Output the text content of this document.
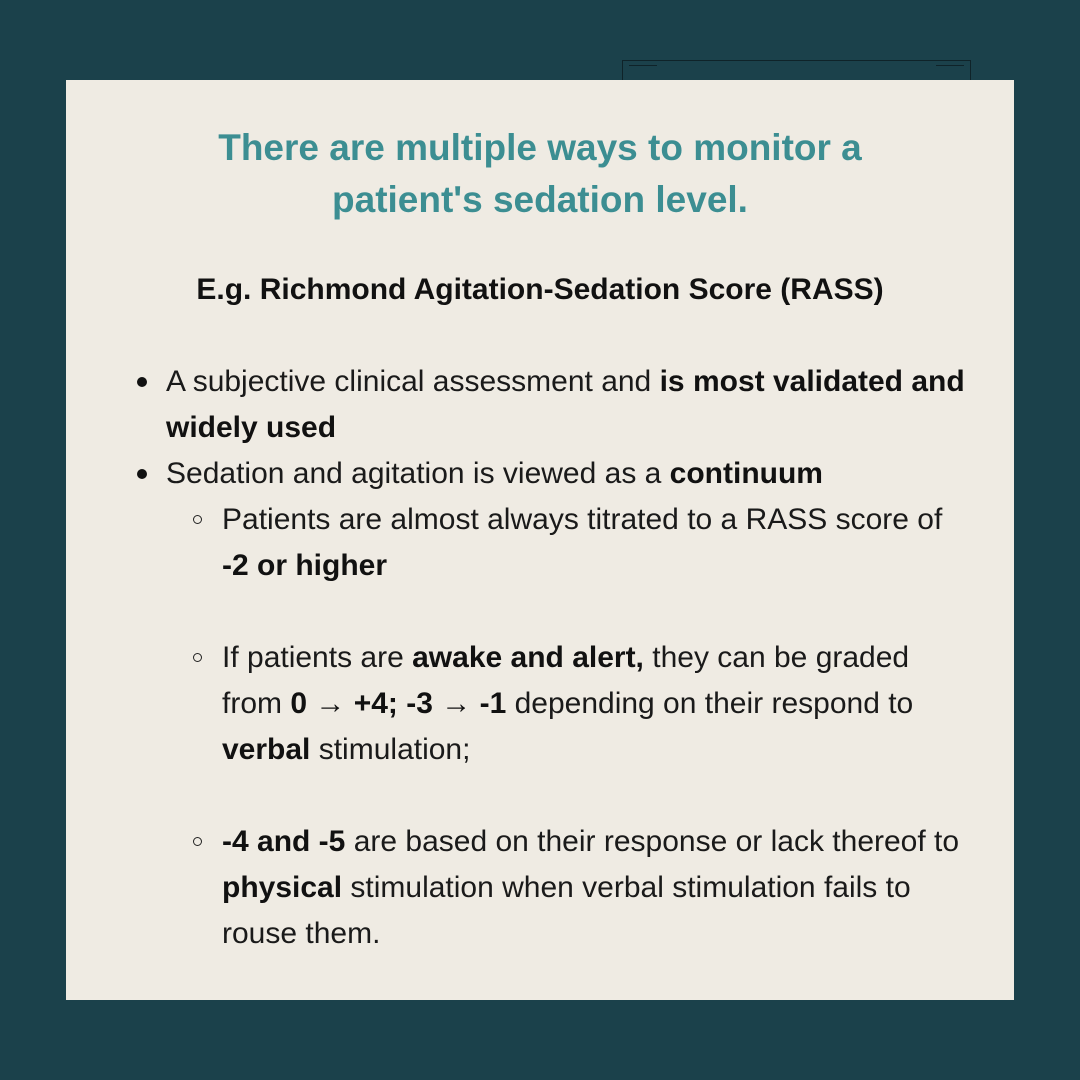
There are multiple ways to monitor a
patient's sedation level.
E.g. Richmond Agitation-Sedation Score (RASS)
A subjective clinical assessment and is most validated and widely used
Sedation and agitation is viewed as a continuum
Patients are almost always titrated to a RASS score of -2 or higher
If patients are awake and alert, they can be graded from 0 → +4; -3 → -1 depending on their respond to verbal stimulation;
-4 and -5 are based on their response or lack thereof to physical stimulation when verbal stimulation fails to rouse them.
